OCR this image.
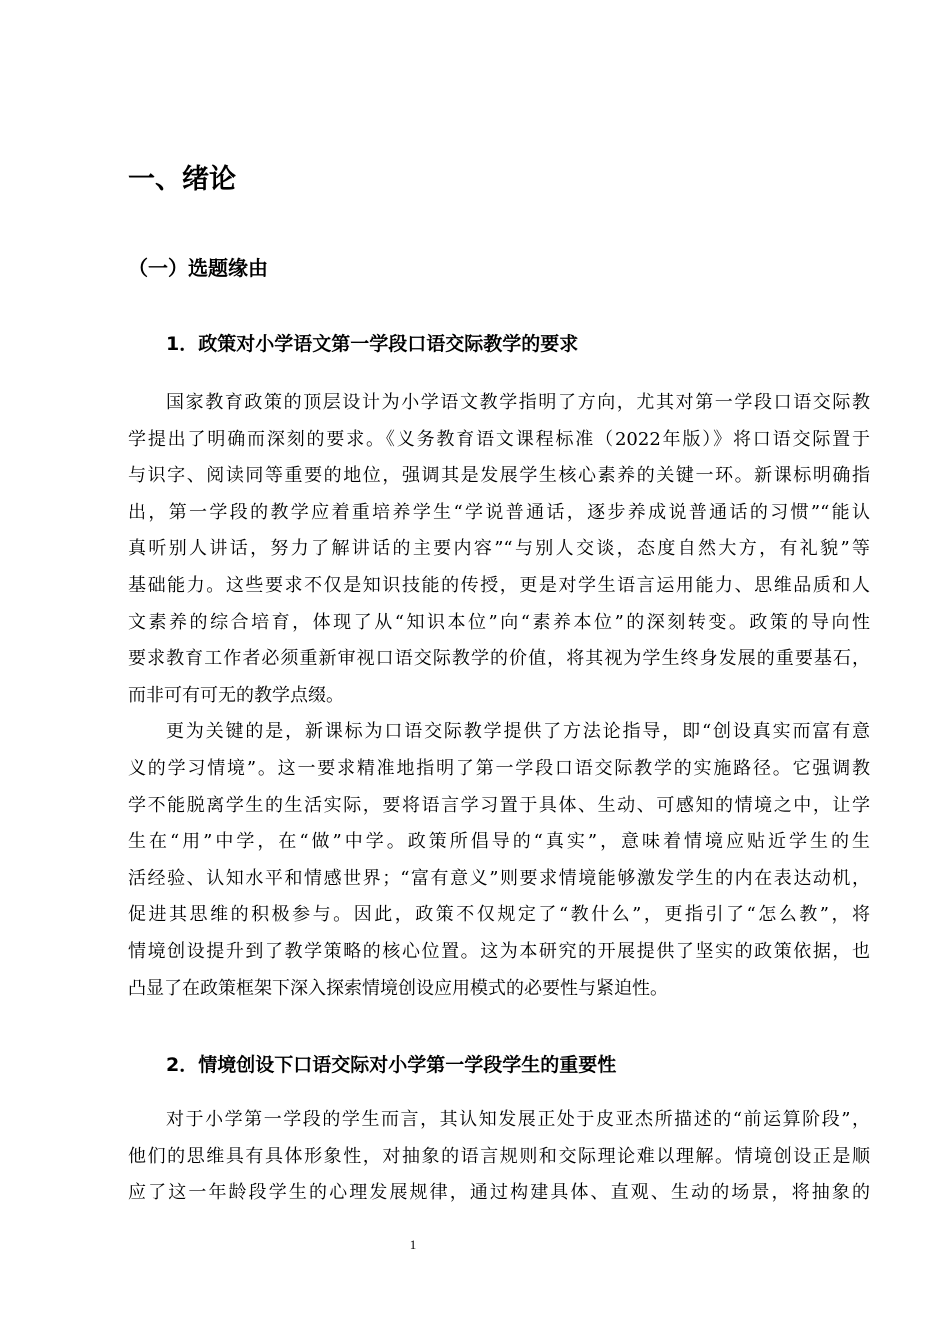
一、绪论
（一）选题缘由
1．政策对小学语文第一学段口语交际教学的要求

国家教育政策的顶层设计为小学语文教学指明了方向，尤其对第一学段口语交际教

学提出了明确而深刻的要求。《义务教育语文课程标准（2022年版）》将口语交际置于

与识字、阅读同等重要的地位，强调其是发展学生核心素养的关键一环。新课标明确指

出，第一学段的教学应着重培养学生“学说普通话，逐步养成说普通话的习惯”“能认

真听别人讲话，努力了解讲话的主要内容”“与别人交谈，态度自然大方，有礼貌”等

基础能力。这些要求不仅是知识技能的传授，更是对学生语言运用能力、思维品质和人

文素养的综合培育，体现了从“知识本位”向“素养本位”的深刻转变。政策的导向性

要求教育工作者必须重新审视口语交际教学的价值，将其视为学生终身发展的重要基石，

而非可有可无的教学点缀。

更为关键的是，新课标为口语交际教学提供了方法论指导，即“创设真实而富有意

义的学习情境”。这一要求精准地指明了第一学段口语交际教学的实施路径。它强调教

学不能脱离学生的生活实际，要将语言学习置于具体、生动、可感知的情境之中，让学

生在“用”中学，在“做”中学。政策所倡导的“真实”，意味着情境应贴近学生的生

活经验、认知水平和情感世界；“富有意义”则要求情境能够激发学生的内在表达动机，

促进其思维的积极参与。因此，政策不仅规定了“教什么”，更指引了“怎么教”，将

情境创设提升到了教学策略的核心位置。这为本研究的开展提供了坚实的政策依据，也

凸显了在政策框架下深入探索情境创设应用模式的必要性与紧迫性。

2．情境创设下口语交际对小学第一学段学生的重要性

对于小学第一学段的学生而言，其认知发展正处于皮亚杰所描述的“前运算阶段”，

他们的思维具有具体形象性，对抽象的语言规则和交际理论难以理解。情境创设正是顺

应了这一年龄段学生的心理发展规律，通过构建具体、直观、生动的场景，将抽象的

1
